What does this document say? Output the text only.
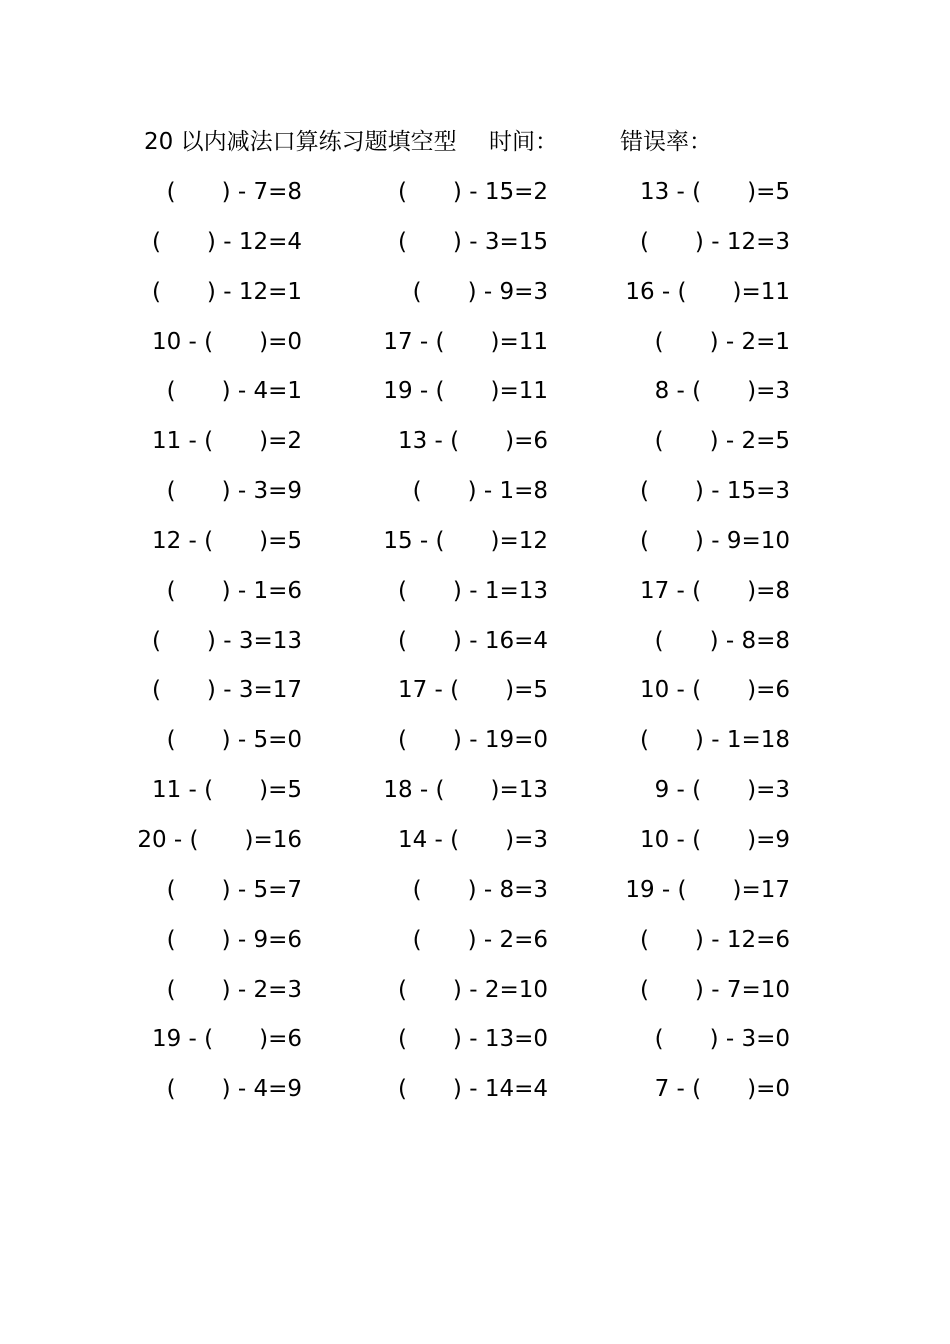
20 以内减法口算练习题填空型 时间：	错误率：
(　　) - 7=8	(　　) - 15=2	13 - (　　)=5
(　　) - 12=4	(　　) - 3=15	(　　) - 12=3
(　　) - 12=1	(　　) - 9=3	16 - (　　)=11
10 - (　　)=0	17 - (　　)=11	(　　) - 2=1
(　　) - 4=1	19 - (　　)=11	8 - (　　)=3
11 - (　　)=2	13 - (　　)=6	(　　) - 2=5
(　　) - 3=9	(　　) - 1=8	(　　) - 15=3
12 - (　　)=5	15 - (　　)=12	(　　) - 9=10
(　　) - 1=6	(　　) - 1=13	17 - (　　)=8
(　　) - 3=13	(　　) - 16=4	(　　) - 8=8
(　　) - 3=17	17 - (　　)=5	10 - (　　)=6
(　　) - 5=0	(　　) - 19=0	(　　) - 1=18
11 - (　　)=5	18 - (　　)=13	9 - (　　)=3
20 - (　　)=16	14 - (　　)=3	10 - (　　)=9
(　　) - 5=7	(　　) - 8=3	19 - (　　)=17
(　　) - 9=6	(　　) - 2=6	(　　) - 12=6
(　　) - 2=3	(　　) - 2=10	(　　) - 7=10
19 - (　　)=6	(　　) - 13=0	(　　) - 3=0
(　　) - 4=9	(　　) - 14=4	7 - (　　)=0
